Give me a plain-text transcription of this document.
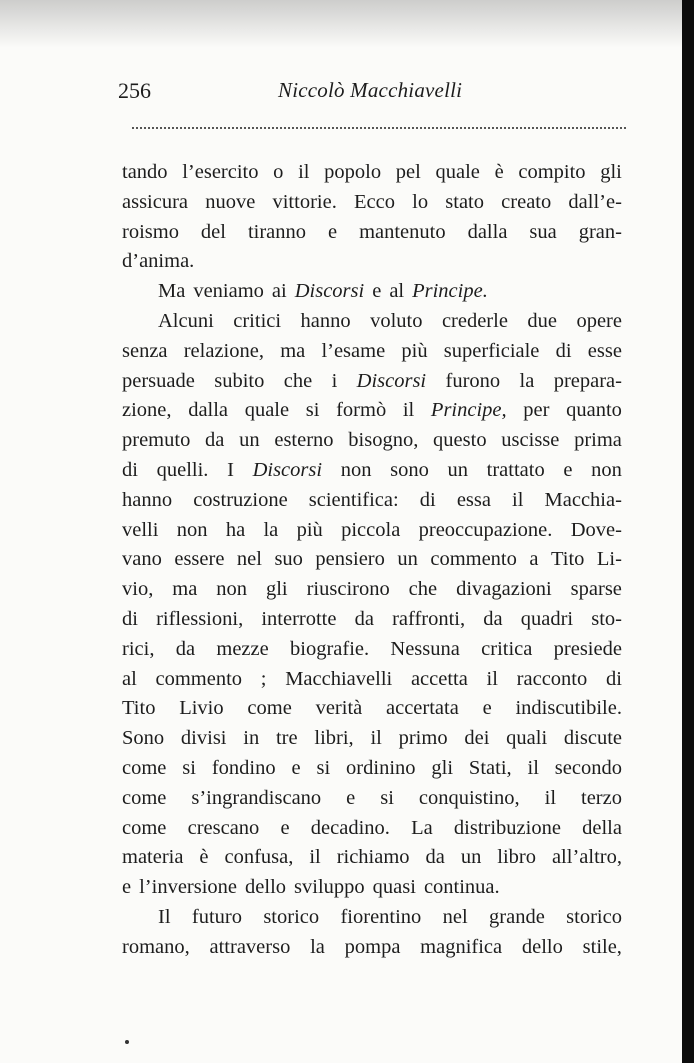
256	Niccolò Macchiavelli
tando l’esercito o il popolo pel quale è compito gli
assicura nuove vittorie. Ecco lo stato creato dall’e-
roismo del tiranno e mantenuto dalla sua gran-
d’anima.
Ma veniamo ai Discorsi e al Principe.
Alcuni critici hanno voluto crederle due opere
senza relazione, ma l’esame più superficiale di esse
persuade subito che i Discorsi furono la prepara-
zione, dalla quale si formò il Principe, per quanto
premuto da un esterno bisogno, questo uscisse prima
di quelli. I Discorsi non sono un trattato e non
hanno costruzione scientifica: di essa il Macchia-
velli non ha la più piccola preoccupazione. Dove-
vano essere nel suo pensiero un commento a Tito Li-
vio, ma non gli riuscirono che divagazioni sparse
di riflessioni, interrotte da raffronti, da quadri sto-
rici, da mezze biografie. Nessuna critica presiede
al commento ; Macchiavelli accetta il racconto di
Tito Livio come verità accertata e indiscutibile.
Sono divisi in tre libri, il primo dei quali discute
come si fondino e si ordinino gli Stati, il secondo
come s’ingrandiscano e si conquistino, il terzo
come crescano e decadino. La distribuzione della
materia è confusa, il richiamo da un libro all’altro,
e l’inversione dello sviluppo quasi continua.
Il futuro storico fiorentino nel grande storico
romano, attraverso la pompa magnifica dello stile,
